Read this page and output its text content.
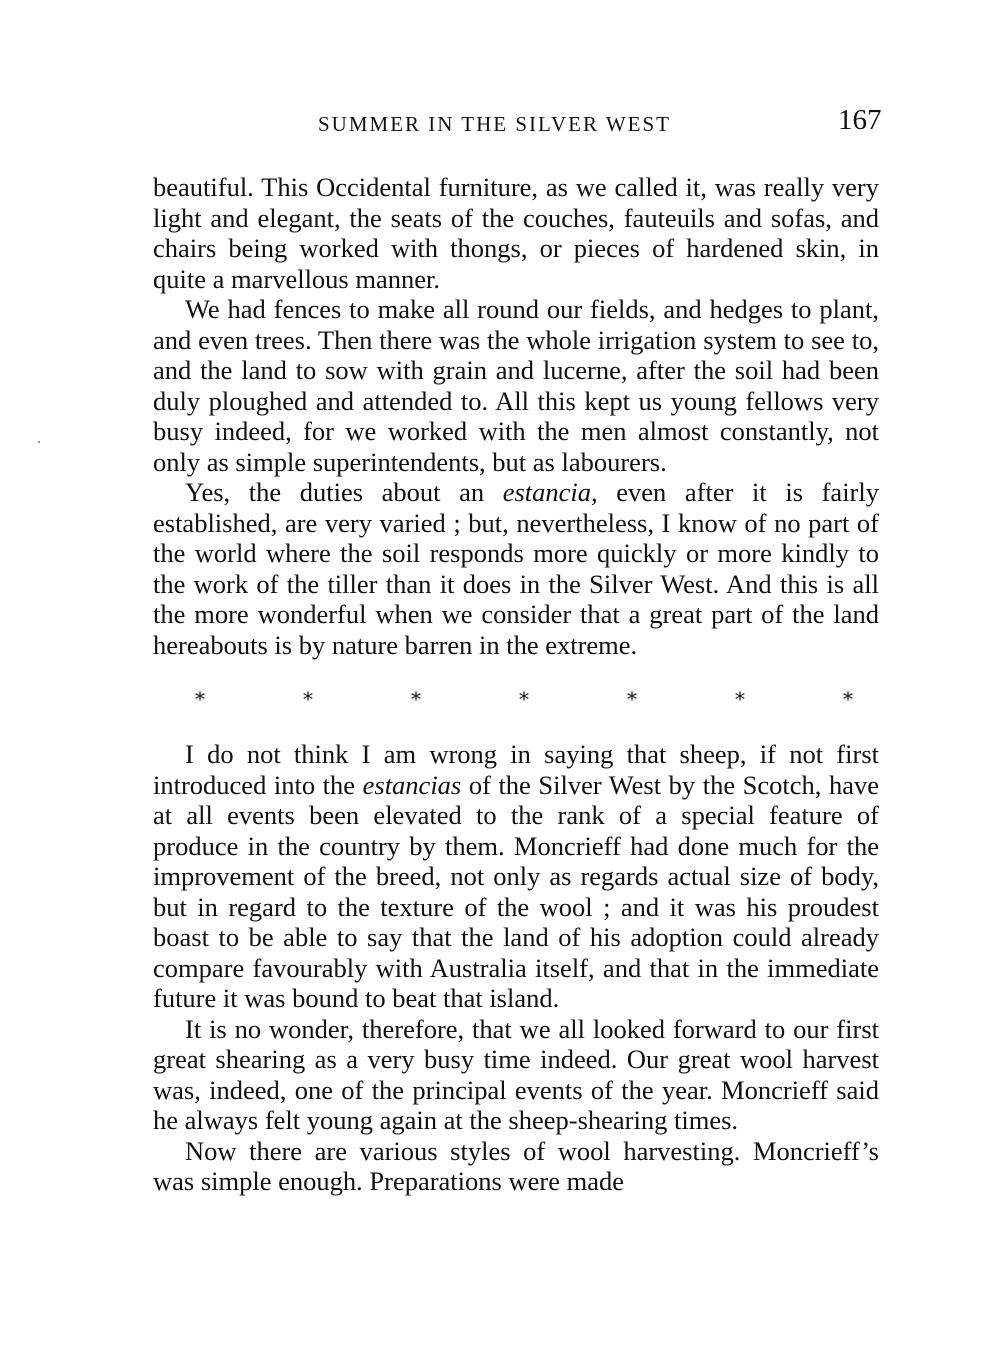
SUMMER IN THE SILVER WEST	167

beautiful. This Occidental furniture, as we called it, was really very light and elegant, the seats of the couches, fauteuils and sofas, and chairs being worked with thongs, or pieces of hardened skin, in quite a marvellous manner.

We had fences to make all round our fields, and hedges to plant, and even trees. Then there was the whole irrigation system to see to, and the land to sow with grain and lucerne, after the soil had been duly ploughed and attended to. All this kept us young fellows very busy indeed, for we worked with the men almost constantly, not only as simple superintendents, but as labourers.

Yes, the duties about an estancia, even after it is fairly established, are very varied ; but, nevertheless, I know of no part of the world where the soil responds more quickly or more kindly to the work of the tiller than it does in the Silver West. And this is all the more wonderful when we consider that a great part of the land hereabouts is by nature barren in the extreme.

*	*	*	*	*	*	*

I do not think I am wrong in saying that sheep, if not first introduced into the estancias of the Silver West by the Scotch, have at all events been elevated to the rank of a special feature of produce in the country by them. Moncrieff had done much for the improvement of the breed, not only as regards actual size of body, but in regard to the texture of the wool ; and it was his proudest boast to be able to say that the land of his adoption could already compare favourably with Australia itself, and that in the immediate future it was bound to beat that island.

It is no wonder, therefore, that we all looked forward to our first great shearing as a very busy time indeed. Our great wool harvest was, indeed, one of the principal events of the year. Moncrieff said he always felt young again at the sheep-shearing times.

Now there are various styles of wool harvesting. Moncrieff’s was simple enough. Preparations were made
